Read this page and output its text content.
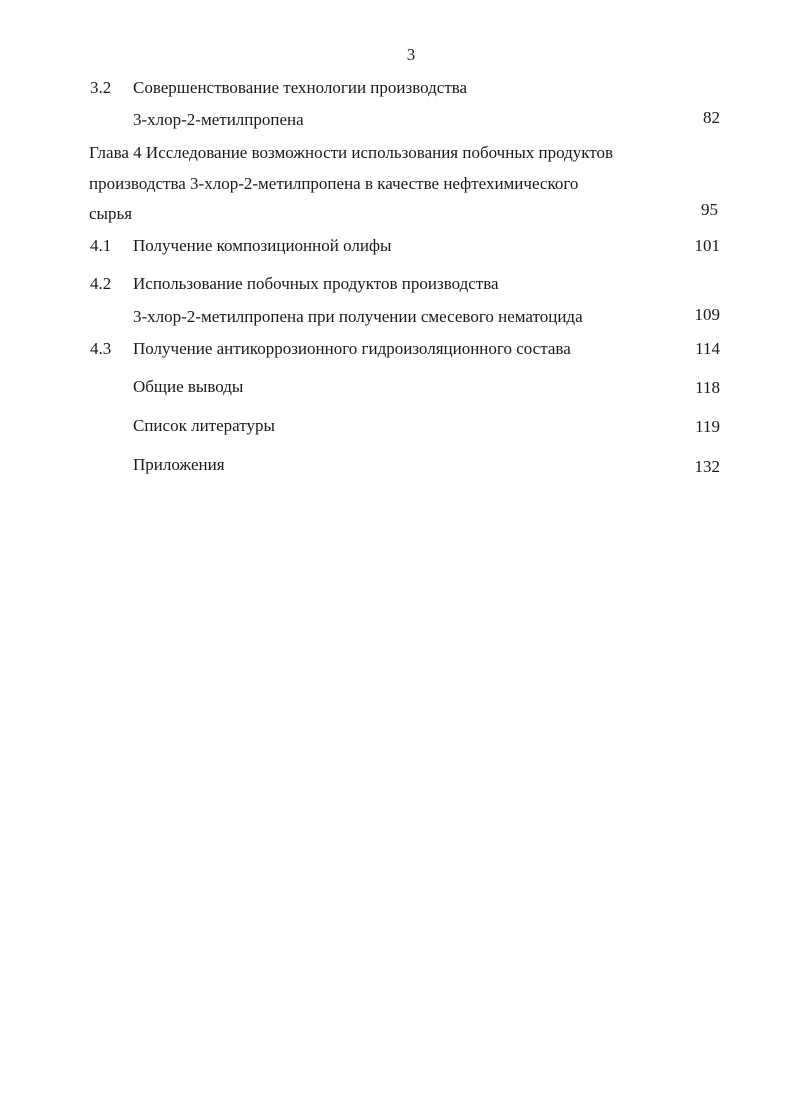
3
3.2 Совершенствование технологии производства
3-хлор-2-метилпропена	82
Глава 4 Исследование возможности использования побочных продуктов
производства 3-хлор-2-метилпропена в качестве нефтехимического
сырья	95
4.1 Получение композиционной олифы	101
4.2 Использование побочных продуктов производства
3-хлор-2-метилпропена при получении смесевого нематоцида	109
4.3 Получение антикоррозионного гидроизоляционного состава	114
Общие выводы	118
Список литературы	119
Приложения	132
